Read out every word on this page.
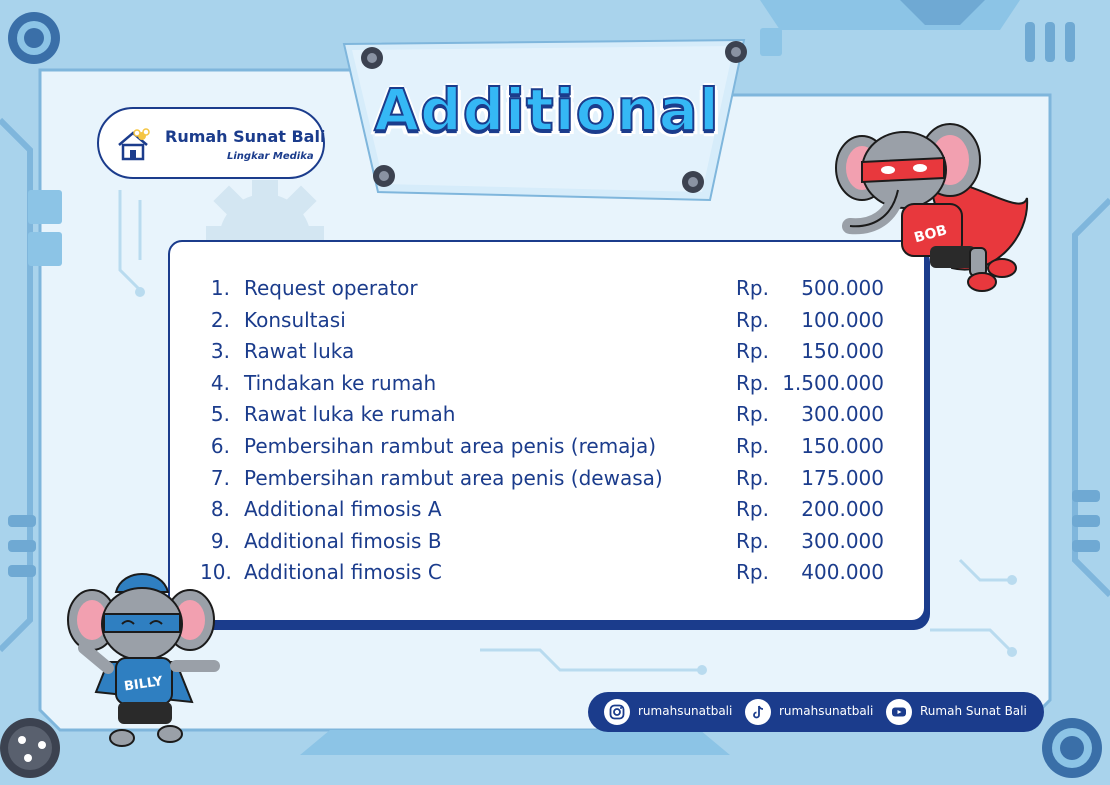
Additional
Rumah Sunat Bali
Lingkar Medika
1. Request operator	Rp. 500.000
2. Konsultasi	Rp. 100.000
3. Rawat luka	Rp. 150.000
4. Tindakan ke rumah	Rp. 1.500.000
5. Rawat luka ke rumah	Rp. 300.000
6. Pembersihan rambut area penis (remaja)	Rp. 150.000
7. Pembersihan rambut area penis (dewasa)	Rp. 175.000
8. Additional fimosis A	Rp. 200.000
9. Additional fimosis B	Rp. 300.000
10. Additional fimosis C	Rp. 400.000
BOB
BILLY
rumahsunatbali	rumahsunatbali	Rumah Sunat Bali
